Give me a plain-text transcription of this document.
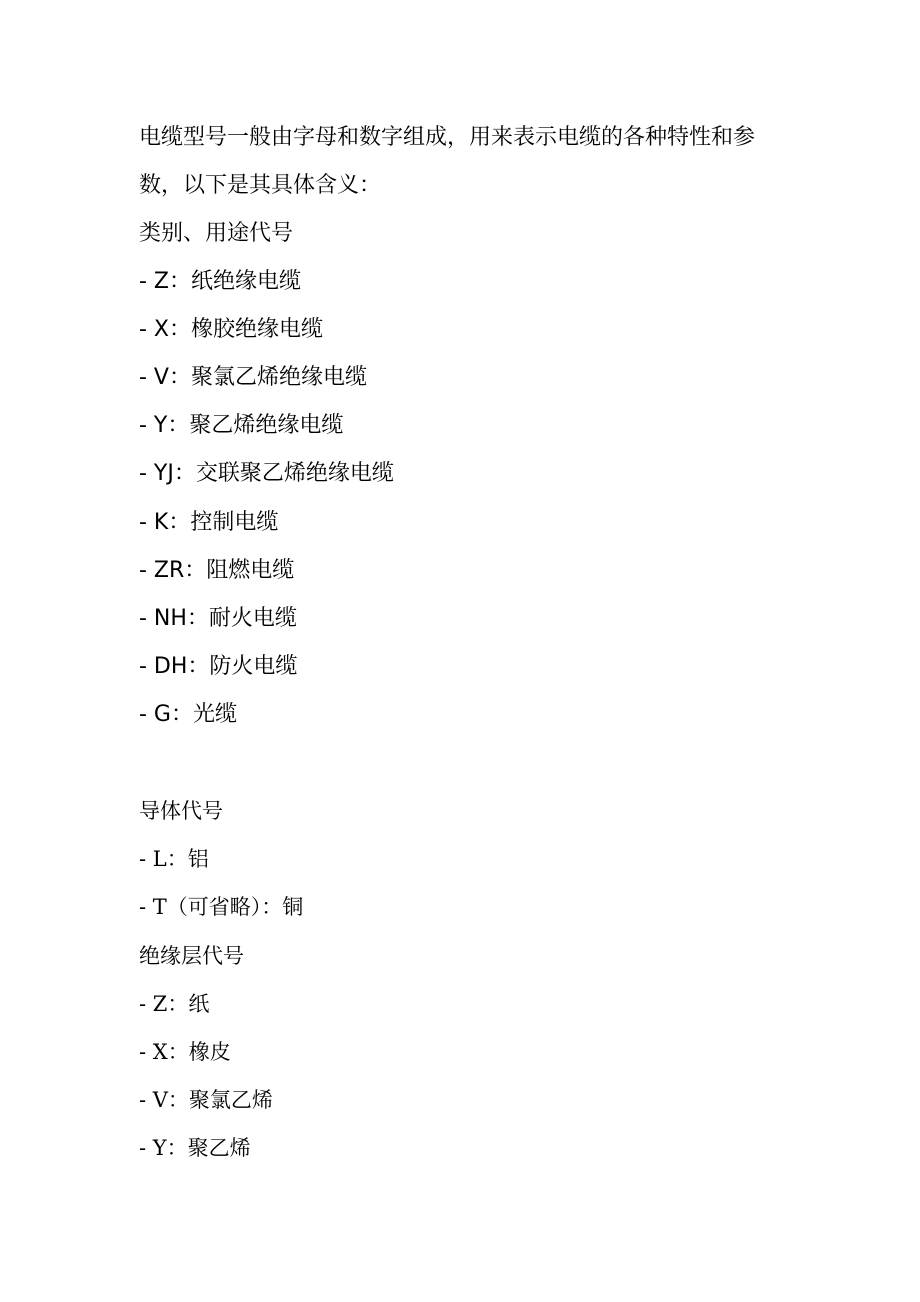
电缆型号一般由字母和数字组成，用来表示电缆的各种特性和参
数，以下是其具体含义：
类别、用途代号
- Z：纸绝缘电缆
- X：橡胶绝缘电缆
- V：聚氯乙烯绝缘电缆
- Y：聚乙烯绝缘电缆
- YJ：交联聚乙烯绝缘电缆
- K：控制电缆
- ZR：阻燃电缆
- NH：耐火电缆
- DH：防火电缆
- G：光缆
导体代号
- L：铝
- T（可省略）：铜
绝缘层代号
- Z：纸
- X：橡皮
- V：聚氯乙烯
- Y：聚乙烯
